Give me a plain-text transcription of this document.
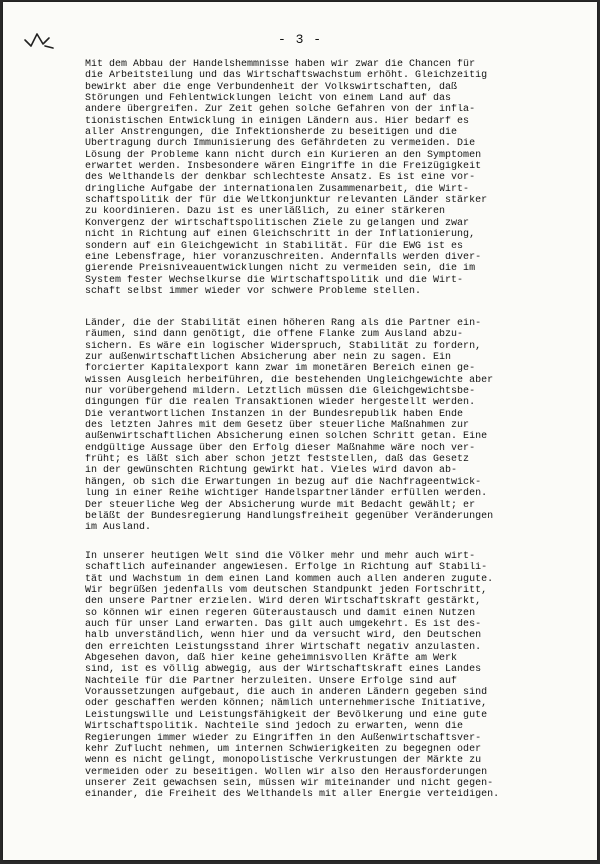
- 3 -
Mit dem Abbau der Handelshemmnisse haben wir zwar die Chancen für
die Arbeitsteilung und das Wirtschaftswachstum erhöht. Gleichzeitig
bewirkt aber die enge Verbundenheit der Volkswirtschaften, daß
Störungen und Fehlentwicklungen leicht von einem Land auf das
andere übergreifen. Zur Zeit gehen solche Gefahren von der infla-
tionistischen Entwicklung in einigen Ländern aus. Hier bedarf es
aller Anstrengungen, die Infektionsherde zu beseitigen und die
Übertragung durch Immunisierung des Gefährdeten zu vermeiden. Die
Lösung der Probleme kann nicht durch ein Kurieren an den Symptomen
erwartet werden. Insbesondere wären Eingriffe in die Freizügigkeit
des Welthandels der denkbar schlechteste Ansatz. Es ist eine vor-
dringliche Aufgabe der internationalen Zusammenarbeit, die Wirt-
schaftspolitik der für die Weltkonjunktur relevanten Länder stärker
zu koordinieren. Dazu ist es unerläßlich, zu einer stärkeren
Konvergenz der wirtschaftspolitischen Ziele zu gelangen und zwar
nicht in Richtung auf einen Gleichschritt in der Inflationierung,
sondern auf ein Gleichgewicht in Stabilität. Für die EWG ist es
eine Lebensfrage, hier voranzuschreiten. Andernfalls werden diver-
gierende Preisniveauentwicklungen nicht zu vermeiden sein, die im
System fester Wechselkurse die Wirtschaftspolitik und die Wirt-
schaft selbst immer wieder vor schwere Probleme stellen.
Länder, die der Stabilität einen höheren Rang als die Partner ein-
räumen, sind dann genötigt, die offene Flanke zum Ausland abzu-
sichern. Es wäre ein logischer Widerspruch, Stabilität zu fordern,
zur außenwirtschaftlichen Absicherung aber nein zu sagen. Ein
forcierter Kapitalexport kann zwar im monetären Bereich einen ge-
wissen Ausgleich herbeiführen, die bestehenden Ungleichgewichte aber
nur vorübergehend mildern. Letztlich müssen die Gleichgewichtsbe-
dingungen für die realen Transaktionen wieder hergestellt werden.
Die verantwortlichen Instanzen in der Bundesrepublik haben Ende
des letzten Jahres mit dem Gesetz über steuerliche Maßnahmen zur
außenwirtschaftlichen Absicherung einen solchen Schritt getan. Eine
endgültige Aussage über den Erfolg dieser Maßnahme wäre noch ver-
früht; es läßt sich aber schon jetzt feststellen, daß das Gesetz
in der gewünschten Richtung gewirkt hat. Vieles wird davon ab-
hängen, ob sich die Erwartungen in bezug auf die Nachfrageentwick-
lung in einer Reihe wichtiger Handelspartnerländer erfüllen werden.
Der steuerliche Weg der Absicherung wurde mit Bedacht gewählt; er
beläßt der Bundesregierung Handlungsfreiheit gegenüber Veränderungen
im Ausland.
In unserer heutigen Welt sind die Völker mehr und mehr auch wirt-
schaftlich aufeinander angewiesen. Erfolge in Richtung auf Stabili-
tät und Wachstum in dem einen Land kommen auch allen anderen zugute.
Wir begrüßen jedenfalls vom deutschen Standpunkt jeden Fortschritt,
den unsere Partner erzielen. Wird deren Wirtschaftskraft gestärkt,
so können wir einen regeren Güteraustausch und damit einen Nutzen
auch für unser Land erwarten. Das gilt auch umgekehrt. Es ist des-
halb unverständlich, wenn hier und da versucht wird, den Deutschen
den erreichten Leistungsstand ihrer Wirtschaft negativ anzulasten.
Abgesehen davon, daß hier keine geheimnisvollen Kräfte am Werk
sind, ist es völlig abwegig, aus der Wirtschaftskraft eines Landes
Nachteile für die Partner herzuleiten. Unsere Erfolge sind auf
Voraussetzungen aufgebaut, die auch in anderen Ländern gegeben sind
oder geschaffen werden können; nämlich unternehmerische Initiative,
Leistungswille und Leistungsfähigkeit der Bevölkerung und eine gute
Wirtschaftspolitik. Nachteile sind jedoch zu erwarten, wenn die
Regierungen immer wieder zu Eingriffen in den Außenwirtschaftsver-
kehr Zuflucht nehmen, um internen Schwierigkeiten zu begegnen oder
wenn es nicht gelingt, monopolistische Verkrustungen der Märkte zu
vermeiden oder zu beseitigen. Wollen wir also den Herausforderungen
unserer Zeit gewachsen sein, müssen wir miteinander und nicht gegen-
einander, die Freiheit des Welthandels mit aller Energie verteidigen.
